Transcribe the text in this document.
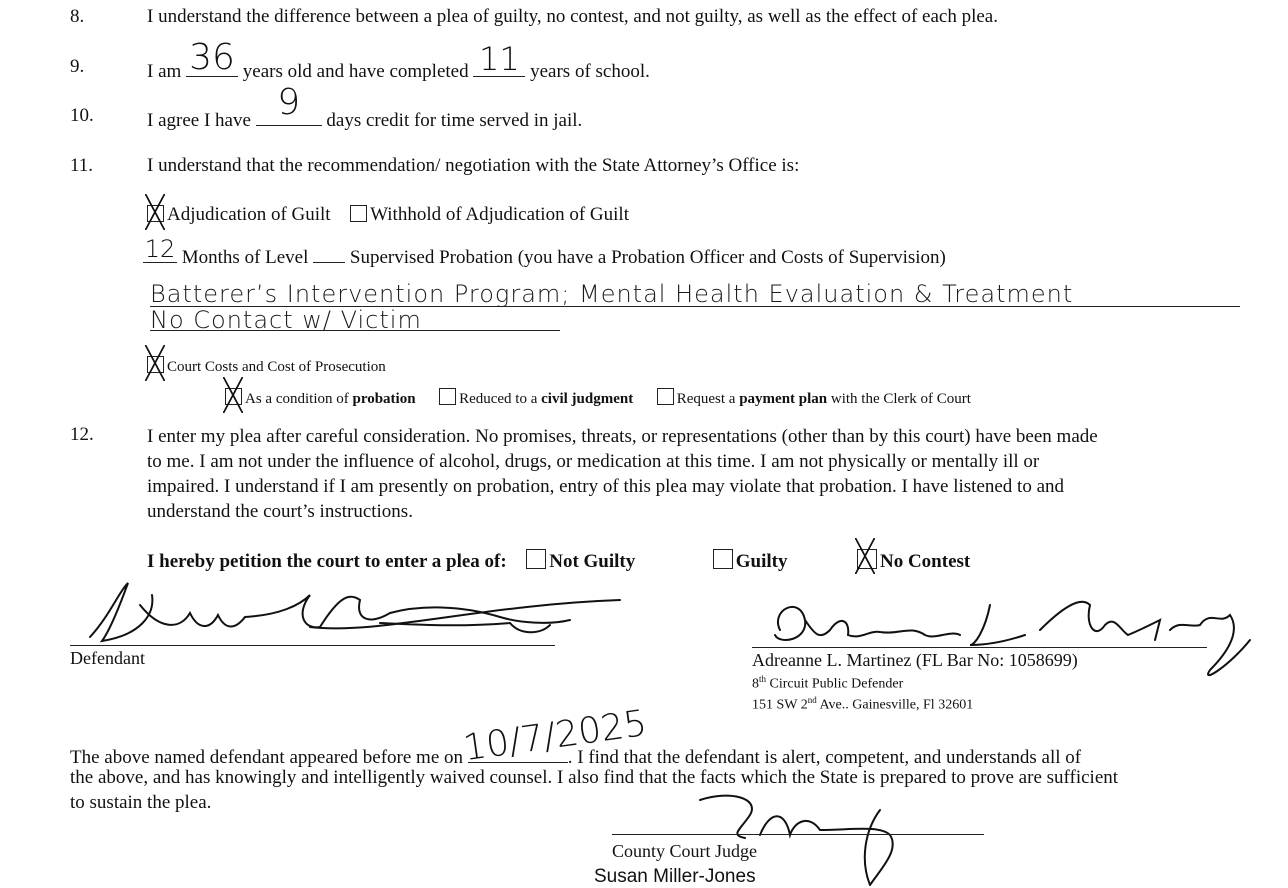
8.	I understand the difference between a plea of guilty, no contest, and not guilty, as well as the effect of each plea.
9.	I am 36 years old and have completed 11 years of school.
10.	I agree I have 9	days credit for time served in jail.
11.	I understand that the recommendation/ negotiation with the State Attorney’s Office is:
Adjudication of Guilt Withhold of Adjudication of Guilt
12 Months of Level Supervised Probation (you have a Probation Officer and Costs of Supervision)
Batterer’s Intervention Program; Mental Health Evaluation & Treatment
No Contact w/ Victim
Court Costs and Cost of Prosecution
As a condition of probation	Reduced to a civil judgment	Request a payment plan with the Clerk of Court
12.	I enter my plea after careful consideration. No promises, threats, or representations (other than by this court) have been made
to me. I am not under the influence of alcohol, drugs, or medication at this time. I am not physically or mentally ill or
impaired. I understand if I am presently on probation, entry of this plea may violate that probation. I have listened to and
understand the court’s instructions.
I hereby petition the court to enter a plea of: Not Guilty	Guilty	No Contest
Defendant	Adreanne L. Martinez (FL Bar No: 1058699)
8th Circuit Public Defender
151 SW 2nd Ave.. Gainesville, Fl 32601
The above named defendant appeared before me on
10/7/2025
. I find that the defendant is alert, competent, and understands all of
the above, and has knowingly and intelligently waived counsel. I also find that the facts which the State is prepared to prove are sufficient
to sustain the plea.
County Court Judge
Susan Miller-Jones
